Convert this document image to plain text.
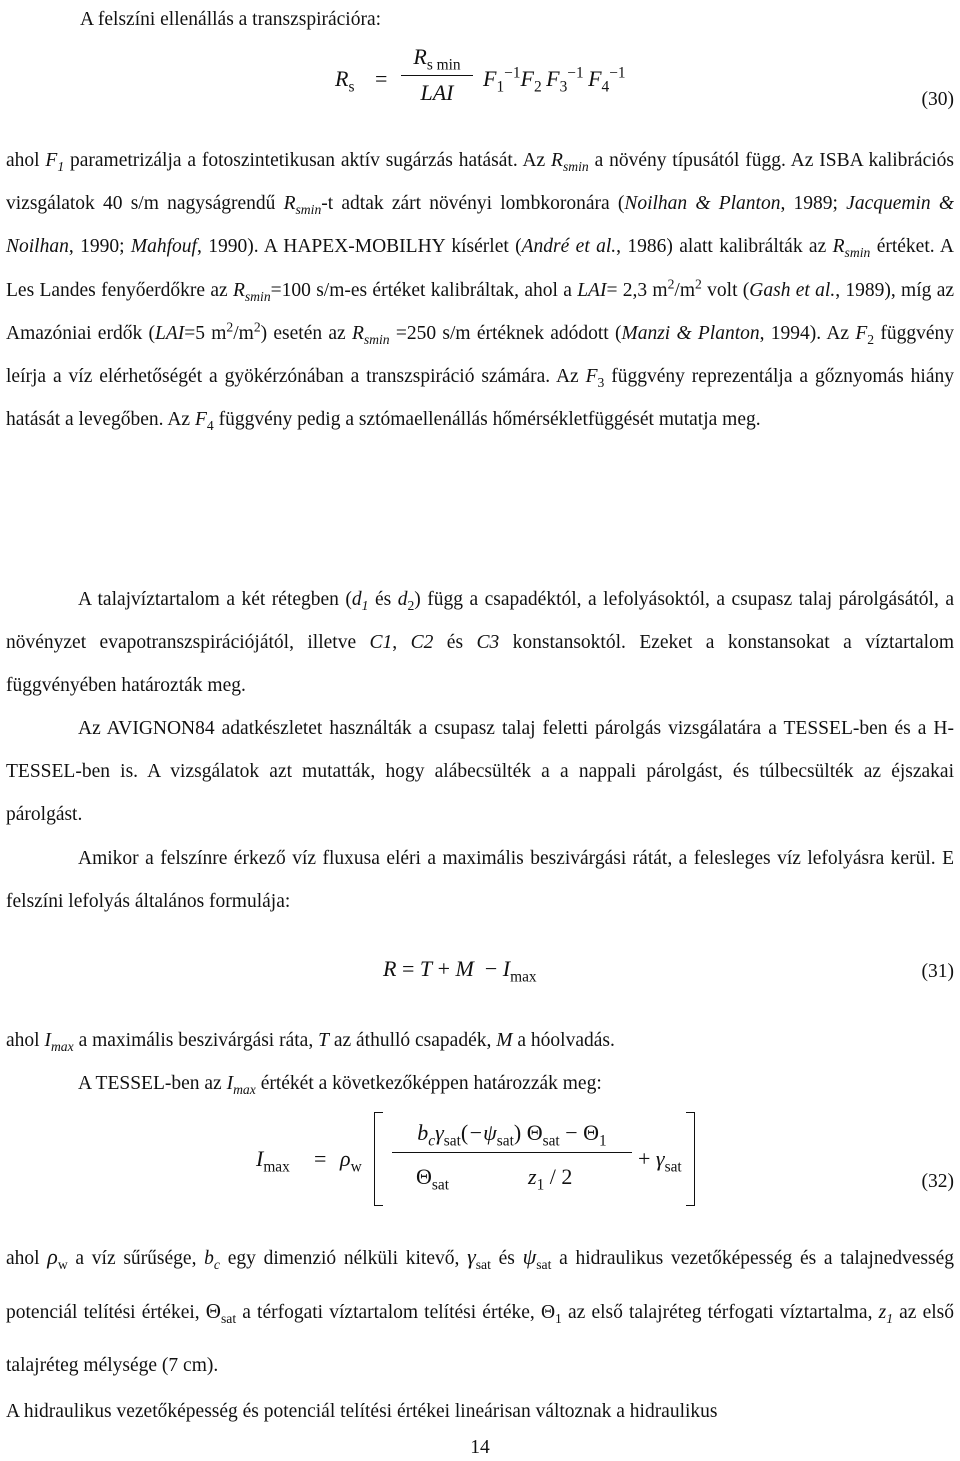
A felszíni ellenállás a transzspirációra:
$R_s$ =
$R_{s min}$
LAI
$F_1^{-1}F_2$  $F_3^{-1}$  $F_4^{-1}$
(30)

ahol $F_1$ parametrizálja a fotoszintetikusan aktív sugárzás hatását. Az $R_{smin}$ a növény típusától függ. Az ISBA kalibrációs vizsgálatok 40 s/m nagyságrendű $R_{smin}-t$ adtak zárt növényi lombkoronára (Noilhan & Planton, 1989; Jacquemin & Noilhan, 1990; Mahfouf, 1990). A HAPEX-MOBILHY kísérlet (André et al., 1986) alatt kalibrálták az $R_{smin}$ értéket. A Les Landes fenyőerdőkre az $R_{smin}=100$ s/m-es értéket kalibráltak, ahol a LAI= 2,3 $m^2/m^2$ volt (Gash et al., 1989), míg az Amazóniai erdők (LAI=5 $m^2/m^2$) esetén az $R_{smin} =250$ s/m értéknek adódott (Manzi & Planton, 1994). Az $F_2$ függvény leírja a víz elérhetőségét a gyökérzónában a transzspiráció számára. Az $F_3$ függvény reprezentálja a gőznyomás hiány hatását a levegőben. Az $F_4$ függvény pedig a sztómaellenállás hőmérsékletfüggését mutatja meg.

A talajvíztartalom a két rétegben ($d_1$ és $d_2$) függ a csapadéktól, a lefolyásoktól, a csupasz talaj párolgásától, a növényzet evapotranszspirációjától, illetve C1, C2 és C3 konstansoktól. Ezeket a konstansokat a víztartalom függvényében határozták meg.

Az AVIGNON84 adatkészletet használták a csupasz talaj feletti párolgás vizsgálatára a TESSEL-ben és a H-TESSEL-ben is. A vizsgálatok azt mutatták, hogy alábecsülték a a nappali párolgást, és túlbecsülték az éjszakai párolgást.

Amikor a felszínre érkező víz fluxusa eléri a maximális beszivárgási rátát, a felesleges víz lefolyásra kerül. E felszíni lefolyás általános formulája:

$R = T + M - I_{max}$	(31)

ahol $I_{max}$ a maximális beszivárgási ráta, T az áthulló csapadék, M a hóolvadás.

A TESSEL-ben az $I_{max}$ értékét a következőképpen határozzák meg:

$I_{max} = \rho_w$
$b_c\gamma_{sat}(-\psi_{sat}) \Theta_{sat} - \Theta_1$
$\Theta_{sat}$	$z_1 / 2$
+ $\gamma_{sat}$
(32)

ahol $\rho_w$ a víz sűrűsége, $b_c$ egy dimenzió nélküli kitevő, $\gamma_{sat}$ és $\psi_{sat}$ a hidraulikus vezetőképesség és a talajnedvesség potenciál telítési értékei, $\Theta_{sat}$ a térfogati víztartalom telítési értéke, $\Theta_1$ az első talajréteg térfogati víztartalma, $z_1$ az első talajréteg mélysége (7 cm).

A hidraulikus vezetőképesség és potenciál telítési értékei lineárisan változnak a hidraulikus

14
